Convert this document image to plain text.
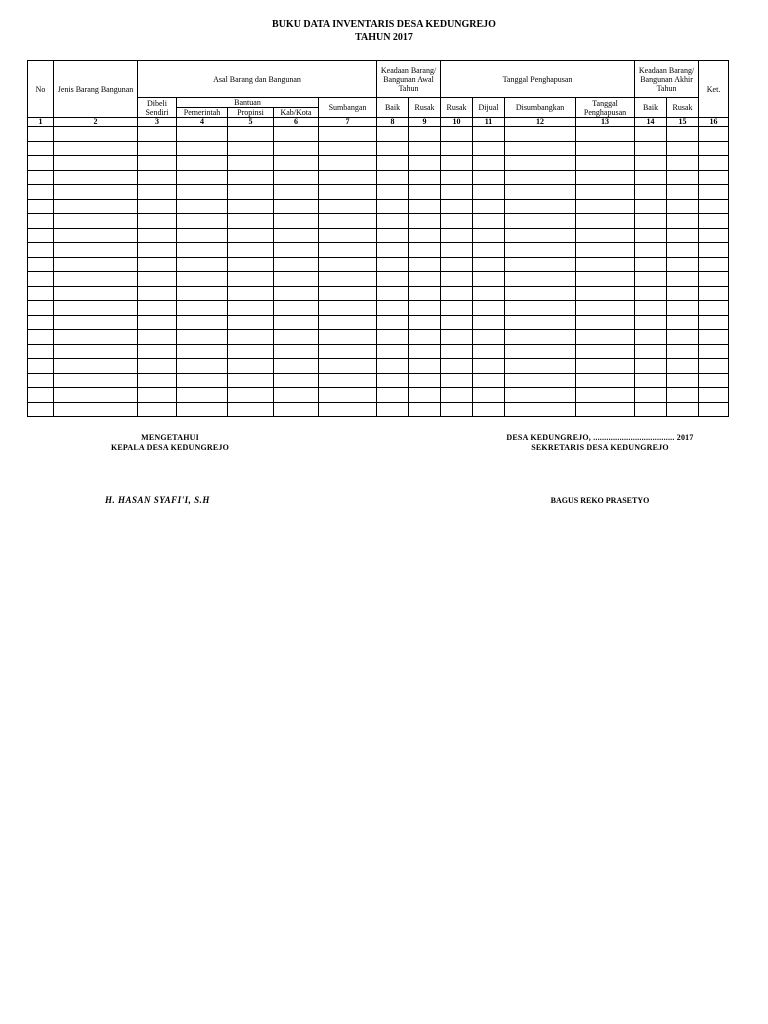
BUKU DATA INVENTARIS DESA KEDUNGREJO
TAHUN 2017
No	Jenis Barang Bangunan	Asal Barang dan Bangunan					Keadaan Barang/ Bangunan Awal Tahun		Tanggal Penghapusan				Keadaan Barang/ Bangunan Akhir Tahun		Ket.
		Dibeli Sendiri	Bantuan			Sumbangan	Baik	Rusak	Rusak	Dijual	Disumbangkan	Tanggal Penghapusan	Baik	Rusak	
			Pemerintah	Propinsi	Kab/Kota										
1	2	3	4	5	6	7	8	9	10	11	12	13	14	15	16

MENGETAHUI
KEPALA DESA KEDUNGREJO
DESA KEDUNGREJO, ..................................... 2017
SEKRETARIS DESA KEDUNGREJO
H. HASAN SYAFI'I, S.H	BAGUS REKO PRASETYO
